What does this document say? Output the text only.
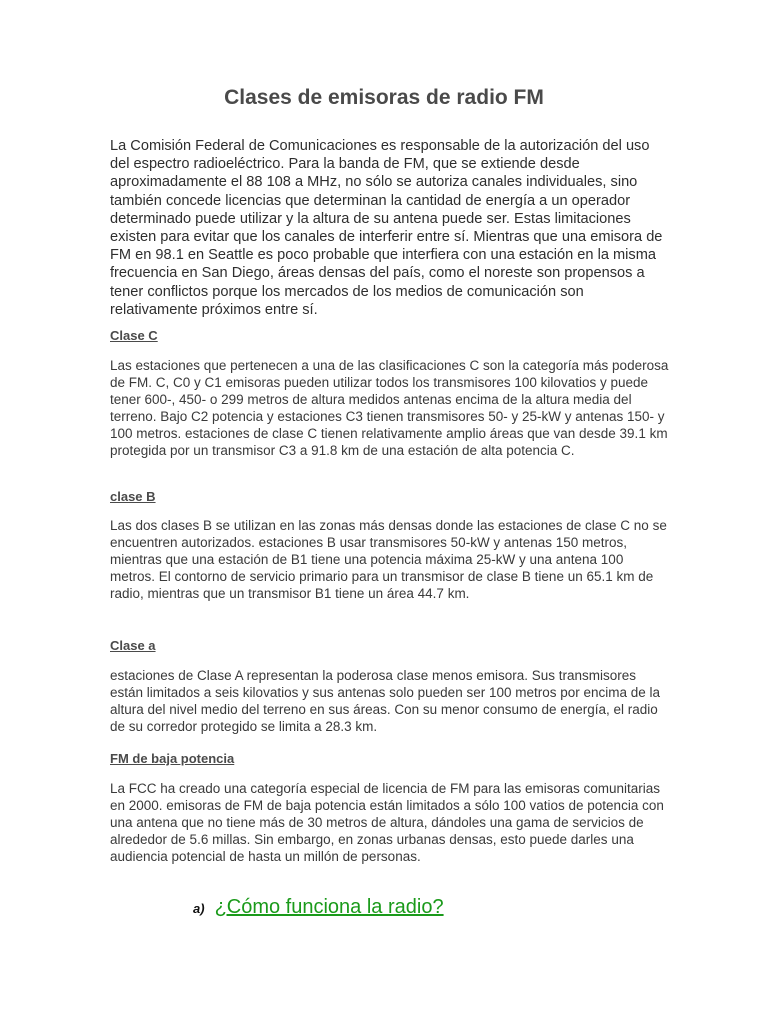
Clases de emisoras de radio FM

La Comisión Federal de Comunicaciones es responsable de la autorización del uso del espectro radioeléctrico. Para la banda de FM, que se extiende desde aproximadamente el 88 108 a MHz, no sólo se autoriza canales individuales, sino también concede licencias que determinan la cantidad de energía a un operador determinado puede utilizar y la altura de su antena puede ser. Estas limitaciones existen para evitar que los canales de interferir entre sí. Mientras que una emisora de FM en 98.1 en Seattle es poco probable que interfiera con una estación en la misma frecuencia en San Diego, áreas densas del país, como el noreste son propensos a tener conflictos porque los mercados de los medios de comunicación son relativamente próximos entre sí.

Clase C

Las estaciones que pertenecen a una de las clasificaciones C son la categoría más poderosa de FM. C, C0 y C1 emisoras pueden utilizar todos los transmisores 100 kilovatios y puede tener 600-, 450- o 299 metros de altura medidos antenas encima de la altura media del terreno. Bajo C2 potencia y estaciones C3 tienen transmisores 50- y 25-kW y antenas 150- y 100 metros. estaciones de clase C tienen relativamente amplio áreas que van desde 39.1 km protegida por un transmisor C3 a 91.8 km de una estación de alta potencia C.

clase B

Las dos clases B se utilizan en las zonas más densas donde las estaciones de clase C no se encuentren autorizados. estaciones B usar transmisores 50-kW y antenas 150 metros, mientras que una estación de B1 tiene una potencia máxima 25-kW y una antena 100 metros. El contorno de servicio primario para un transmisor de clase B tiene un 65.1 km de radio, mientras que un transmisor B1 tiene un área 44.7 km.

Clase a

estaciones de Clase A representan la poderosa clase menos emisora. Sus transmisores están limitados a seis kilovatios y sus antenas solo pueden ser 100 metros por encima de la altura del nivel medio del terreno en sus áreas. Con su menor consumo de energía, el radio de su corredor protegido se limita a 28.3 km.

FM de baja potencia

La FCC ha creado una categoría especial de licencia de FM para las emisoras comunitarias en 2000. emisoras de FM de baja potencia están limitados a sólo 100 vatios de potencia con una antena que no tiene más de 30 metros de altura, dándoles una gama de servicios de alrededor de 5.6 millas. Sin embargo, en zonas urbanas densas, esto puede darles una audiencia potencial de hasta un millón de personas.

a) ¿Cómo funciona la radio?
